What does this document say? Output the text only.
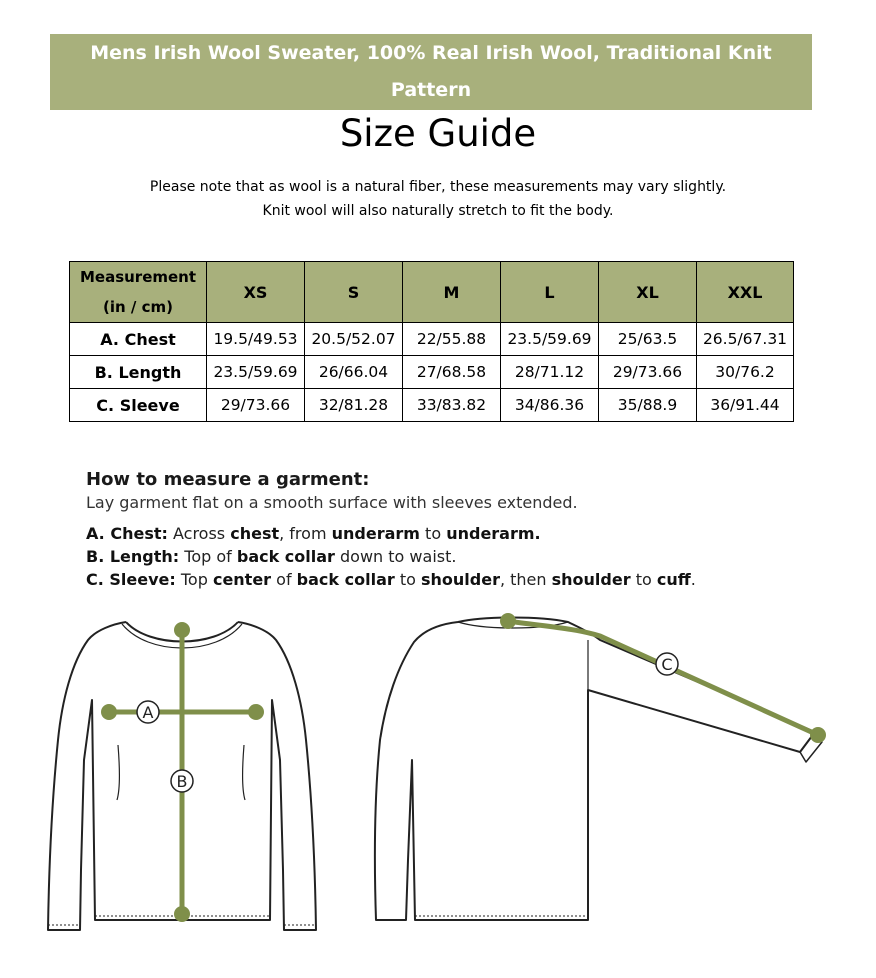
Mens Irish Wool Sweater, 100% Real Irish Wool, Traditional Knit Pattern
Size Guide
Please note that as wool is a natural fiber, these measurements may vary slightly.
Knit wool will also naturally stretch to fit the body.
Measurement
(in / cm)	XS	S	M	L	XL	XXL
A. Chest	19.5/49.53	20.5/52.07	22/55.88	23.5/59.69	25/63.5	26.5/67.31
B. Length	23.5/59.69	26/66.04	27/68.58	28/71.12	29/73.66	30/76.2
C. Sleeve	29/73.66	32/81.28	33/83.82	34/86.36	35/88.9	36/91.44
How to measure a garment:
Lay garment flat on a smooth surface with sleeves extended.
A. Chest: Across chest, from underarm to underarm.
B. Length: Top of back collar down to waist.
C. Sleeve: Top center of back collar to shoulder, then shoulder to cuff.
A
B
C
